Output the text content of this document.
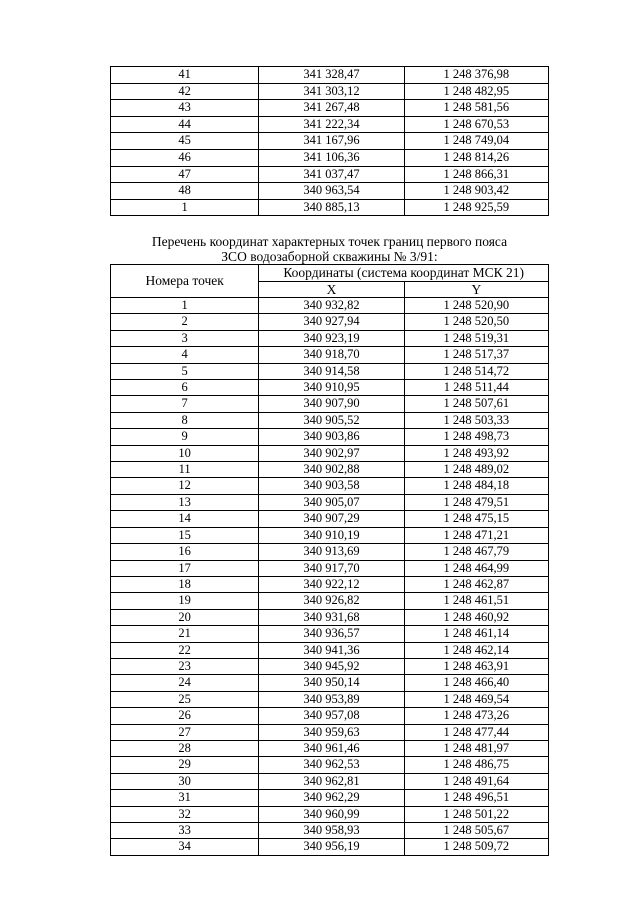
41	341 328,47	1 248 376,98
42	341 303,12	1 248 482,95
43	341 267,48	1 248 581,56
44	341 222,34	1 248 670,53
45	341 167,96	1 248 749,04
46	341 106,36	1 248 814,26
47	341 037,47	1 248 866,31
48	340 963,54	1 248 903,42
1	340 885,13	1 248 925,59
Перечень координат характерных точек границ первого пояса
ЗСО водозаборной скважины № 3/91:
Номера точек	Координаты (система координат МСК 21)	
	X	Y
1	340 932,82	1 248 520,90
2	340 927,94	1 248 520,50
3	340 923,19	1 248 519,31
4	340 918,70	1 248 517,37
5	340 914,58	1 248 514,72
6	340 910,95	1 248 511,44
7	340 907,90	1 248 507,61
8	340 905,52	1 248 503,33
9	340 903,86	1 248 498,73
10	340 902,97	1 248 493,92
11	340 902,88	1 248 489,02
12	340 903,58	1 248 484,18
13	340 905,07	1 248 479,51
14	340 907,29	1 248 475,15
15	340 910,19	1 248 471,21
16	340 913,69	1 248 467,79
17	340 917,70	1 248 464,99
18	340 922,12	1 248 462,87
19	340 926,82	1 248 461,51
20	340 931,68	1 248 460,92
21	340 936,57	1 248 461,14
22	340 941,36	1 248 462,14
23	340 945,92	1 248 463,91
24	340 950,14	1 248 466,40
25	340 953,89	1 248 469,54
26	340 957,08	1 248 473,26
27	340 959,63	1 248 477,44
28	340 961,46	1 248 481,97
29	340 962,53	1 248 486,75
30	340 962,81	1 248 491,64
31	340 962,29	1 248 496,51
32	340 960,99	1 248 501,22
33	340 958,93	1 248 505,67
34	340 956,19	1 248 509,72
